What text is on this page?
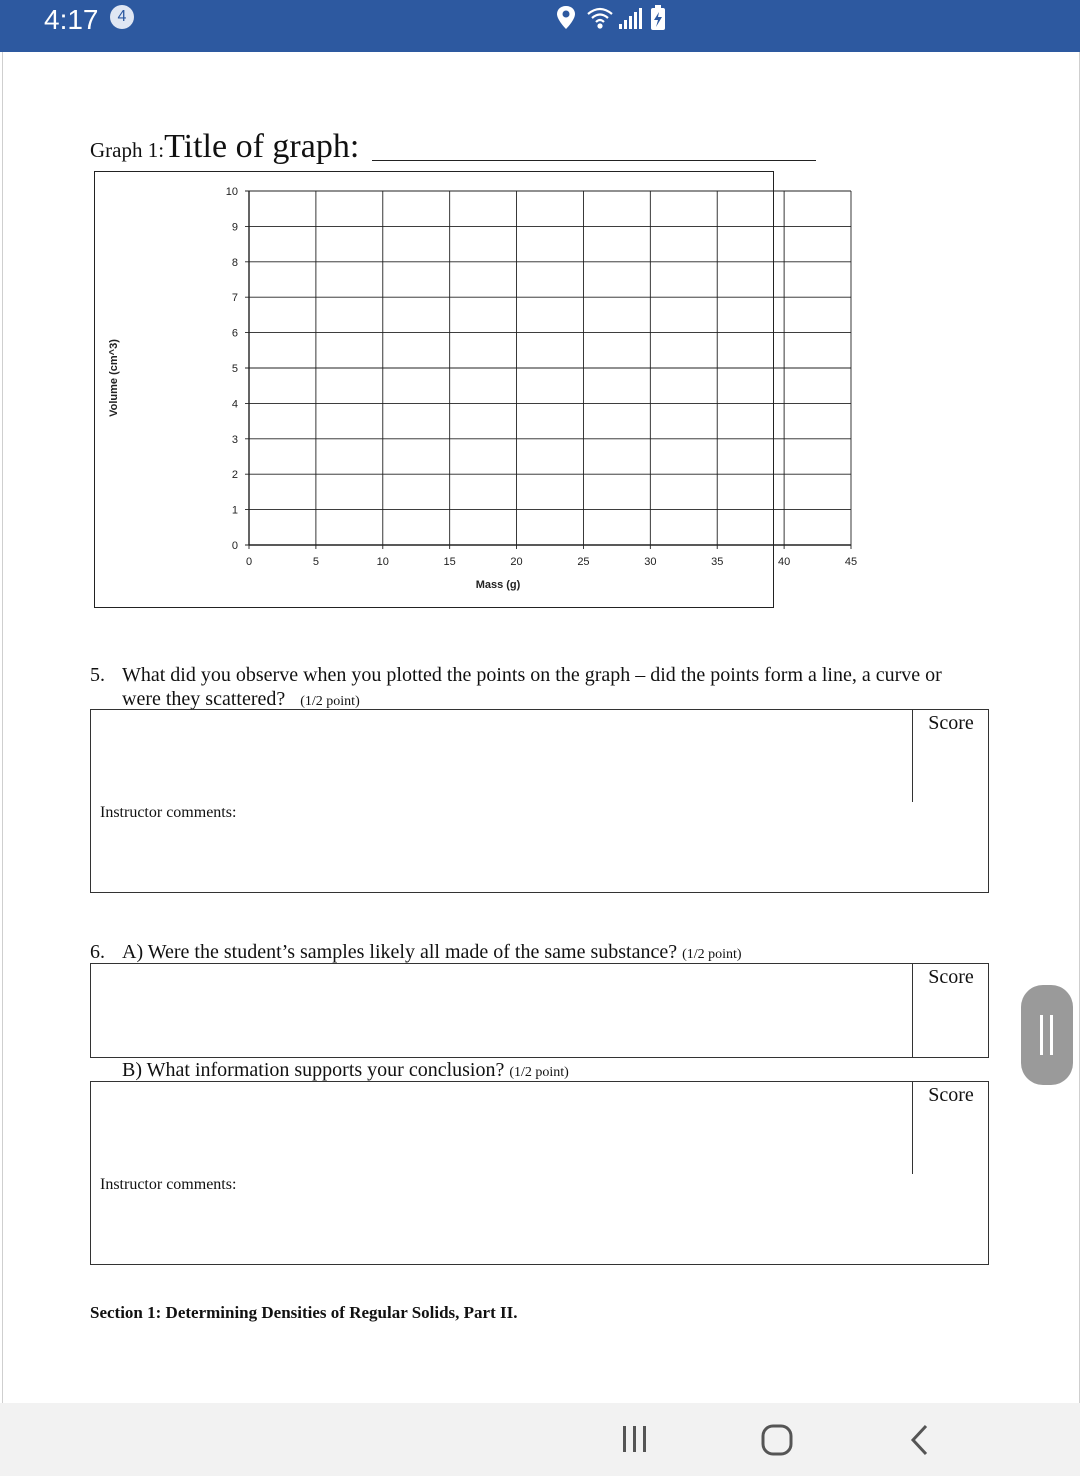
4:17	4
Graph 1:Title of graph:
0	5	10	15	20	25	30	35	40	45
0
1
2
3
4
5
6
7
8
9
10
Mass (g)
Volume (cm^3)
5. What did you observe when you plotted the points on the graph – did the points form a line, a curve or
were they scattered? (1/2 point)
Score
Instructor comments:
6. A) Were the student’s samples likely all made of the same substance? (1/2 point)
Score
B) What information supports your conclusion? (1/2 point)
Score
Instructor comments:
Section 1: Determining Densities of Regular Solids, Part II.
